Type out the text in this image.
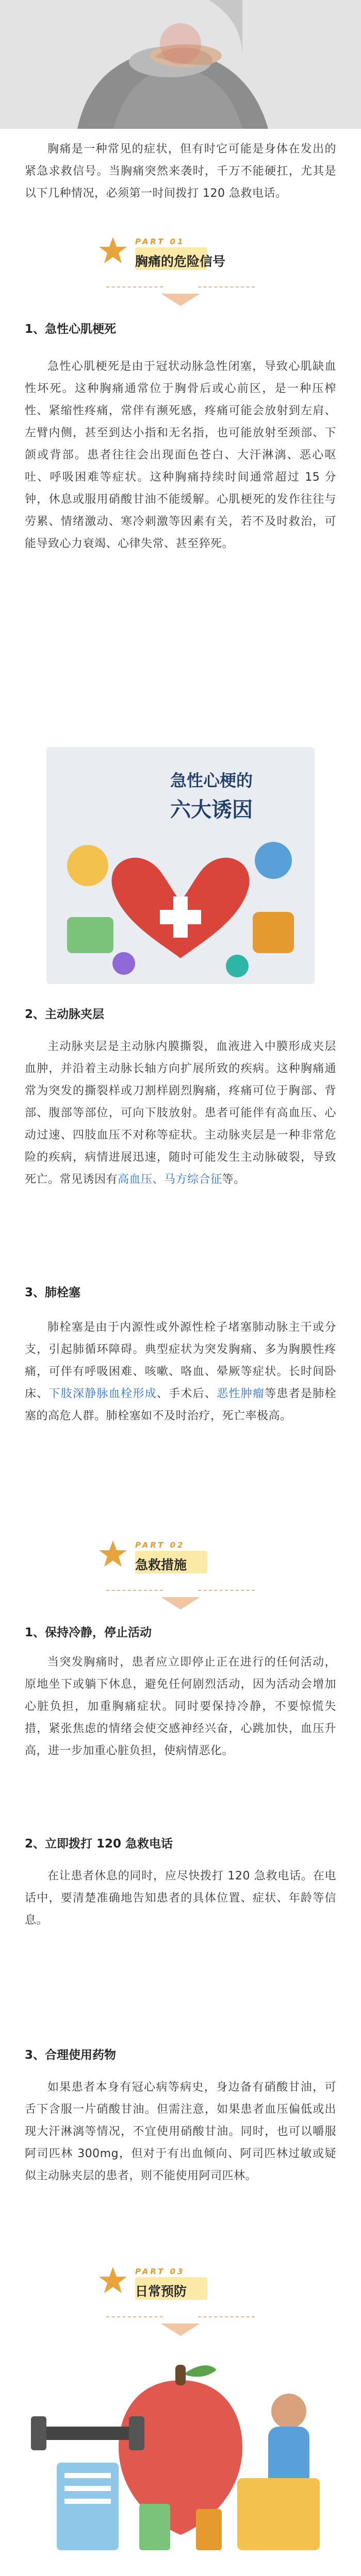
胸痛是一种常见的症状，但有时它可能是身体在发出的紧急求救信号。当胸痛突然来袭时，千万不能硬扛，尤其是以下几种情况，必须第一时间拨打 120 急救电话。

PART 01
胸痛的危险信号
1、急性心肌梗死

急性心肌梗死是由于冠状动脉急性闭塞，导致心肌缺血性坏死。这种胸痛通常位于胸骨后或心前区，是一种压榨性、紧缩性疼痛，常伴有濒死感，疼痛可能会放射到左肩、左臂内侧，甚至到达小指和无名指，也可能放射至颈部、下颌或背部。患者往往会出现面色苍白、大汗淋漓、恶心呕吐、呼吸困难等症状。这种胸痛持续时间通常超过 15 分钟，休息或服用硝酸甘油不能缓解。心肌梗死的发作往往与劳累、情绪激动、寒冷刺激等因素有关，若不及时救治，可能导致心力衰竭、心律失常、甚至猝死。

急性心梗的
六大诱因
2、主动脉夹层

主动脉夹层是主动脉内膜撕裂，血液进入中膜形成夹层血肿，并沿着主动脉长轴方向扩展所致的疾病。这种胸痛通常为突发的撕裂样或刀割样剧烈胸痛，疼痛可位于胸部、背部、腹部等部位，可向下肢放射。患者可能伴有高血压、心动过速、四肢血压不对称等症状。主动脉夹层是一种非常危险的疾病，病情进展迅速，随时可能发生主动脉破裂，导致死亡。常见诱因有高血压、马方综合征等。

3、肺栓塞

肺栓塞是由于内源性或外源性栓子堵塞肺动脉主干或分支，引起肺循环障碍。典型症状为突发胸痛、多为胸膜性疼痛，可伴有呼吸困难、咳嗽、咯血、晕厥等症状。长时间卧床、下肢深静脉血栓形成、手术后、恶性肿瘤等患者是肺栓塞的高危人群。肺栓塞如不及时治疗，死亡率极高。

PART 02
急救措施
1、保持冷静，停止活动

当突发胸痛时，患者应立即停止正在进行的任何活动，原地坐下或躺下休息，避免任何剧烈活动，因为活动会增加心脏负担，加重胸痛症状。同时要保持冷静，不要惊慌失措，紧张焦虑的情绪会使交感神经兴奋，心跳加快，血压升高，进一步加重心脏负担，使病情恶化。

2、立即拨打 120 急救电话

在让患者休息的同时，应尽快拨打 120 急救电话。在电话中，要清楚准确地告知患者的具体位置、症状、年龄等信息。

3、合理使用药物

如果患者本身有冠心病等病史，身边备有硝酸甘油，可舌下含服一片硝酸甘油。但需注意，如果患者血压偏低或出现大汗淋漓等情况，不宜使用硝酸甘油。同时，也可以嚼服阿司匹林 300mg，但对于有出血倾向、阿司匹林过敏或疑似主动脉夹层的患者，则不能使用阿司匹林。

PART 03
日常预防
